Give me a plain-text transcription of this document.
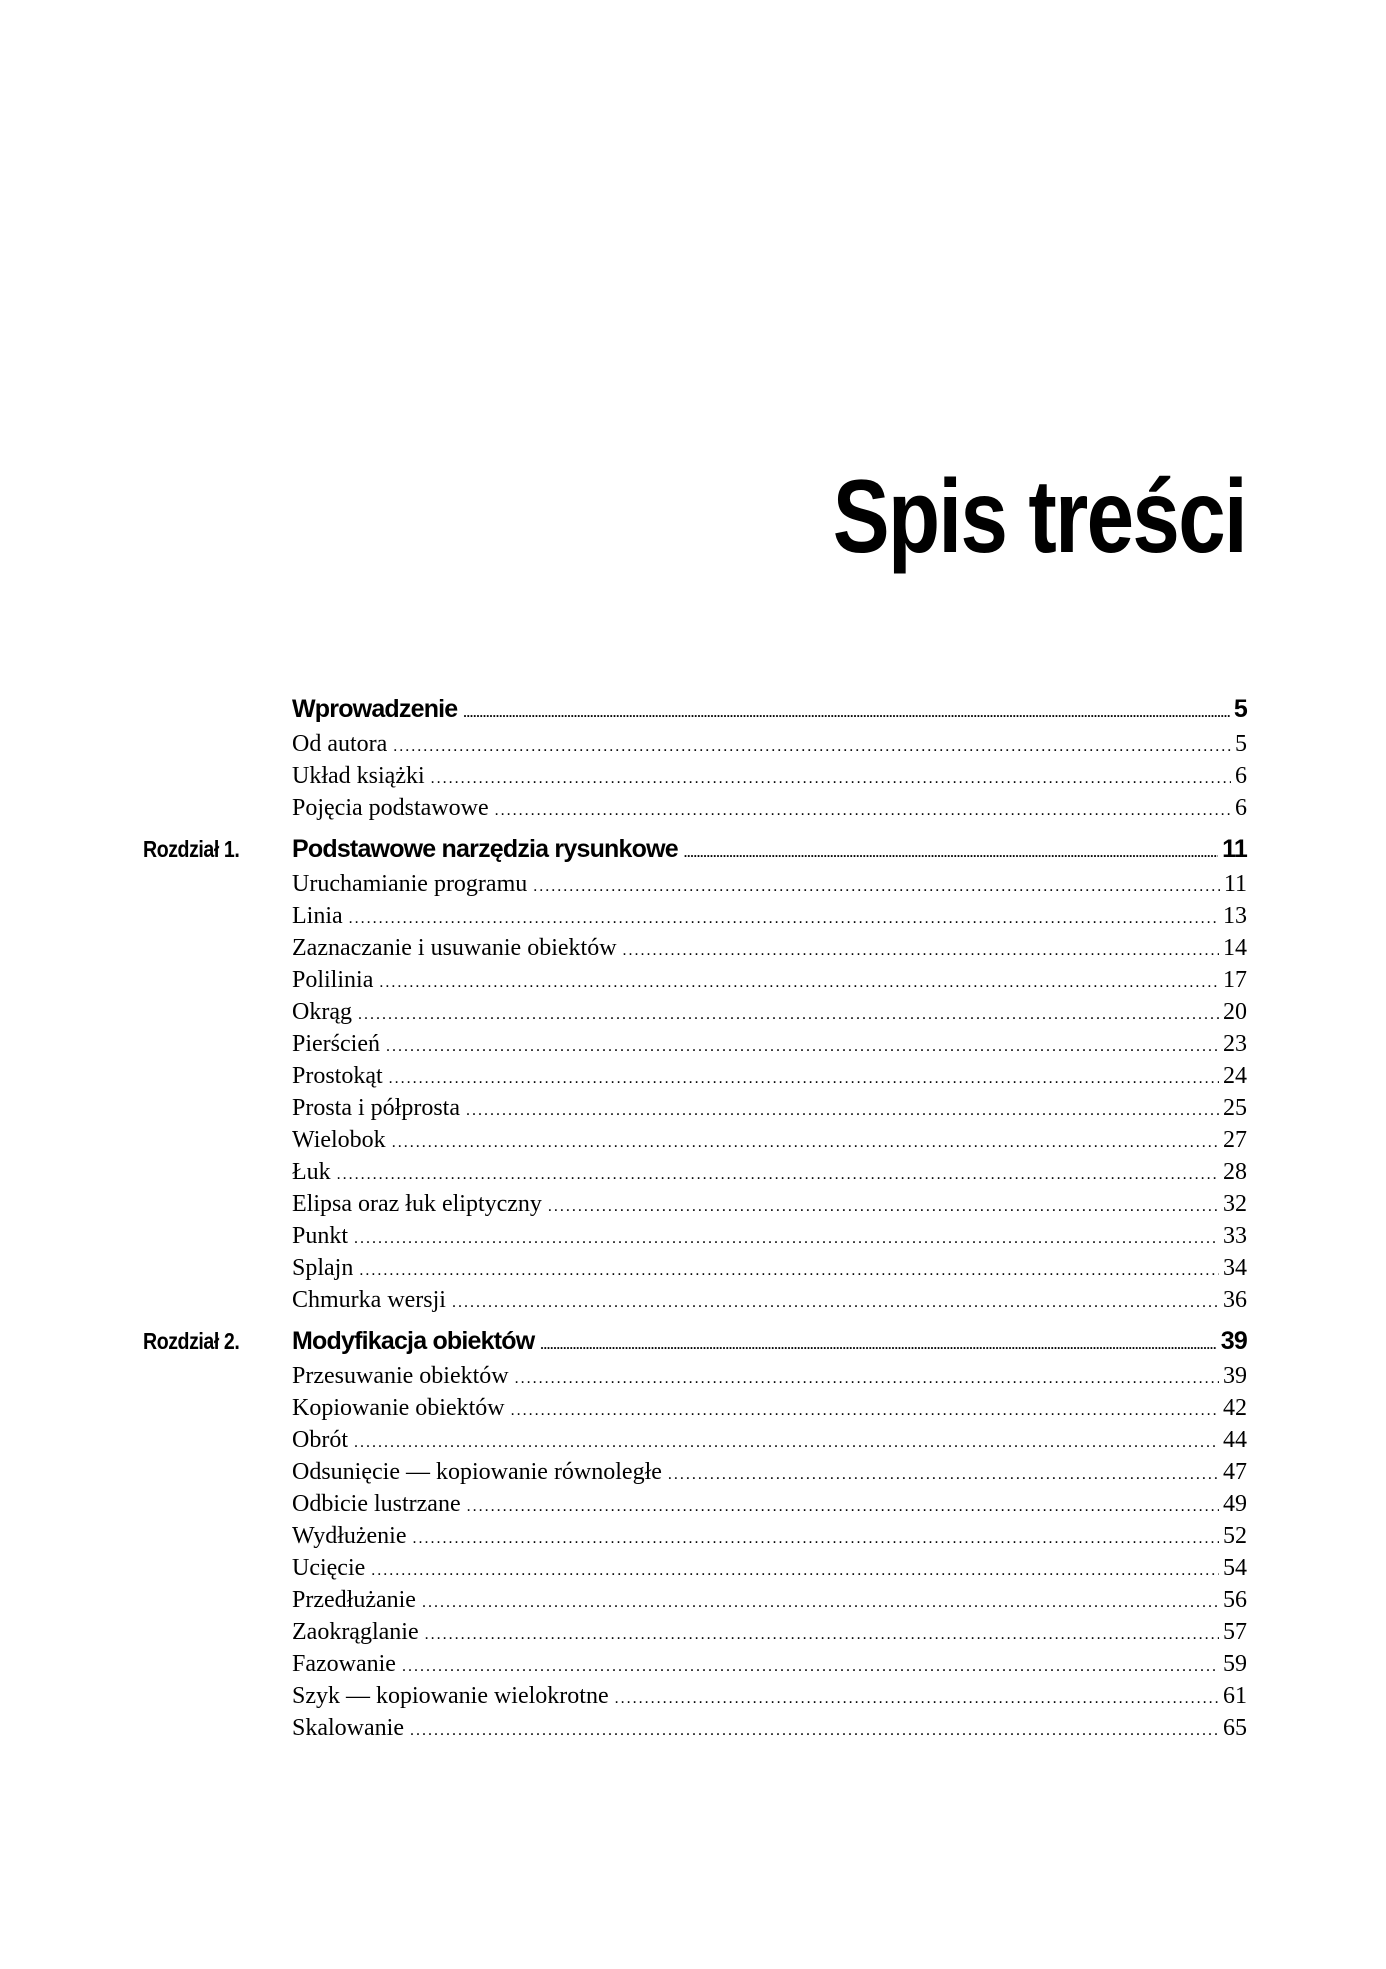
Spis treści
Wprowadzenie .....	5
Od autora .....	5
Układ książki .....	6
Pojęcia podstawowe .....	6
Rozdział 1. Podstawowe narzędzia rysunkowe .....	11
Uruchamianie programu .....	11
Linia .....	13
Zaznaczanie i usuwanie obiektów .....	14
Polilinia .....	17
Okrąg .....	20
Pierścień .....	23
Prostokąt .....	24
Prosta i półprosta .....	25
Wielobok .....	27
Łuk .....	28
Elipsa oraz łuk eliptyczny .....	32
Punkt .....	33
Splajn .....	34
Chmurka wersji .....	36
Rozdział 2. Modyfikacja obiektów .....	39
Przesuwanie obiektów .....	39
Kopiowanie obiektów .....	42
Obrót .....	44
Odsunięcie — kopiowanie równoległe .....	47
Odbicie lustrzane .....	49
Wydłużenie .....	52
Ucięcie .....	54
Przedłużanie .....	56
Zaokrąglanie .....	57
Fazowanie .....	59
Szyk — kopiowanie wielokrotne .....	61
Skalowanie .....	65
